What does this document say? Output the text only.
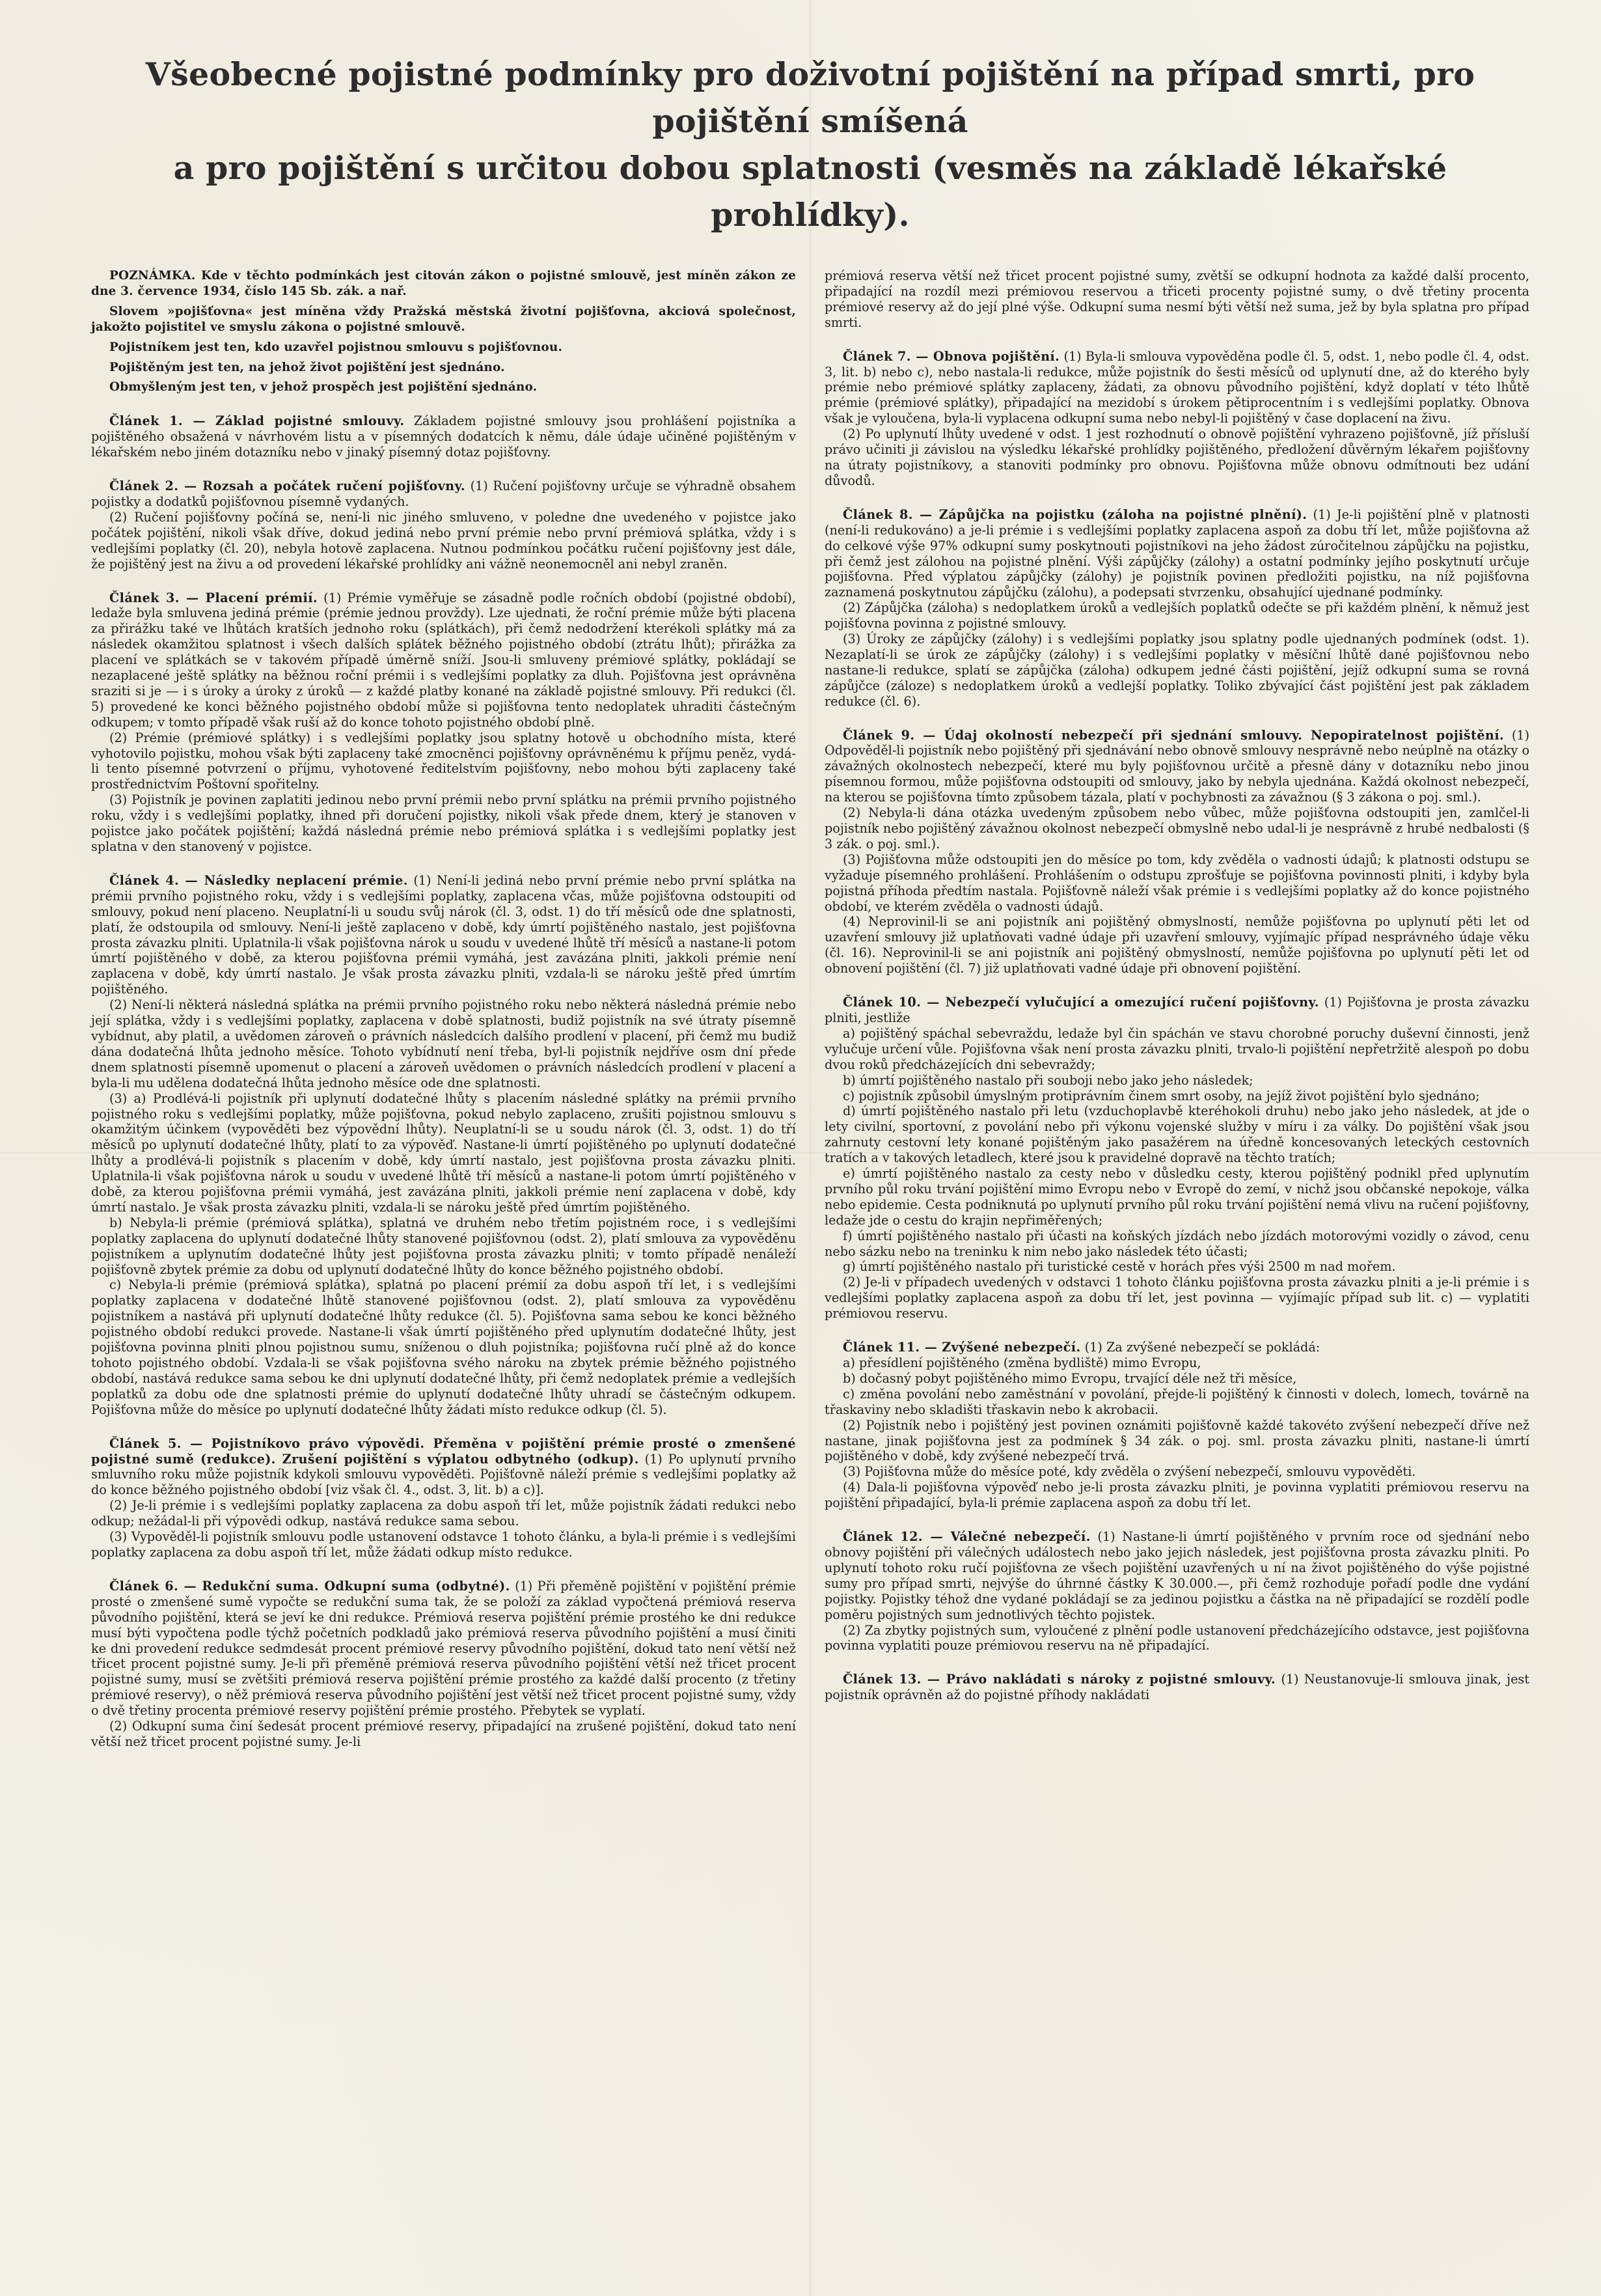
Všeobecné pojistné podmínky pro doživotní pojištění na případ smrti, pro pojištění smíšená
a pro pojištění s určitou dobou splatnosti (vesměs na základě lékařské prohlídky).

POZNÁMKA. Kde v těchto podmínkách jest citován zákon o pojistné smlouvě, jest míněn zákon ze dne 3. července 1934, číslo 145 Sb. zák. a nař.

Slovem »pojišťovna« jest míněna vždy Pražská městská životní pojišťovna, akciová společnost, jakožto pojistitel ve smyslu zákona o pojistné smlouvě.

Pojistníkem jest ten, kdo uzavřel pojistnou smlouvu s pojišťovnou.

Pojištěným jest ten, na jehož život pojištění jest sjednáno.

Obmyšleným jest ten, v jehož prospěch jest pojištění sjednáno.

Článek 1. — Základ pojistné smlouvy. Základem pojistné smlouvy jsou prohlášení pojistníka a pojištěného obsažená v návrhovém listu a v písemných dodatcích k němu, dále údaje učiněné pojištěným v lékařském nebo jiném dotazníku nebo v jinaký písemný dotaz pojišťovny.

Článek 2. — Rozsah a počátek ručení pojišťovny. (1) Ručení pojišťovny určuje se výhradně obsahem pojistky a dodatků pojišťovnou písemně vydaných.

(2) Ručení pojišťovny počíná se, není-li nic jiného smluveno, v poledne dne uvedeného v pojistce jako počátek pojištění, nikoli však dříve, dokud jediná nebo první prémie nebo první prémiová splátka, vždy i s vedlejšími poplatky (čl. 20), nebyla hotově zaplacena. Nutnou podmínkou počátku ručení pojišťovny jest dále, že pojištěný jest na živu a od provedení lékařské prohlídky ani vážně neonemocněl ani nebyl zraněn.

Článek 3. — Placení prémií. (1) Prémie vyměřuje se zásadně podle ročních období (pojistné období), ledaže byla smluvena jediná prémie (prémie jednou provždy). Lze ujednati, že roční prémie může býti placena za přirážku také ve lhůtách kratších jednoho roku (splátkách), při čemž nedodržení kterékoli splátky má za následek okamžitou splatnost i všech dalších splátek běžného pojistného období (ztrátu lhůt); přirážka za placení ve splátkách se v takovém případě úměrně sníží. Jsou-li smluveny prémiové splátky, pokládají se nezaplacené ještě splátky na běžnou roční prémii i s vedlejšími poplatky za dluh. Pojišťovna jest oprávněna sraziti si je — i s úroky a úroky z úroků — z každé platby konané na základě pojistné smlouvy. Při redukci (čl. 5) provedené ke konci běžného pojistného období může si pojišťovna tento nedoplatek uhraditi částečným odkupem; v tomto případě však ruší až do konce tohoto pojistného období plně.

(2) Prémie (prémiové splátky) i s vedlejšími poplatky jsou splatny hotově u obchodního místa, které vyhotovilo pojistku, mohou však býti zaplaceny také zmocněnci pojišťovny oprávněnému k příjmu peněz, vydá-li tento písemné potvrzení o příjmu, vyhotovené ředitelstvím pojišťovny, nebo mohou býti zaplaceny také prostřednictvím Poštovní spořitelny.

(3) Pojistník je povinen zaplatiti jedinou nebo první prémii nebo první splátku na prémii prvního pojistného roku, vždy i s vedlejšími poplatky, ihned při doručení pojistky, nikoli však přede dnem, který je stanoven v pojistce jako počátek pojištění; každá následná prémie nebo prémiová splátka i s vedlejšími poplatky jest splatna v den stanovený v pojistce.

Článek 4. — Následky neplacení prémie. (1) Není-li jediná nebo první prémie nebo první splátka na prémii prvního pojistného roku, vždy i s vedlejšími poplatky, zaplacena včas, může pojišťovna odstoupiti od smlouvy, pokud není placeno. Neuplatní-li u soudu svůj nárok (čl. 3, odst. 1) do tří měsíců ode dne splatnosti, platí, že odstoupila od smlouvy. Není-li ještě zaplaceno v době, kdy úmrtí pojištěného nastalo, jest pojišťovna prosta závazku plniti. Uplatnila-li však pojišťovna nárok u soudu v uvedené lhůtě tří měsíců a nastane-li potom úmrtí pojištěného v době, za kterou pojišťovna prémii vymáhá, jest zavázána plniti, jakkoli prémie není zaplacena v době, kdy úmrtí nastalo. Je však prosta závazku plniti, vzdala-li se nároku ještě před úmrtím pojištěného.

(2) Není-li některá následná splátka na prémii prvního pojistného roku nebo některá následná prémie nebo její splátka, vždy i s vedlejšími poplatky, zaplacena v době splatnosti, budiž pojistník na své útraty písemně vybídnut, aby platil, a uvědomen zároveň o právních následcích dalšího prodlení v placení, při čemž mu budiž dána dodatečná lhůta jednoho měsíce. Tohoto vybídnutí není třeba, byl-li pojistník nejdříve osm dní přede dnem splatnosti písemně upomenut o placení a zároveň uvědomen o právních následcích prodlení v placení a byla-li mu udělena dodatečná lhůta jednoho měsíce ode dne splatnosti.

(3) a) Prodlévá-li pojistník při uplynutí dodatečné lhůty s placením následné splátky na prémii prvního pojistného roku s vedlejšími poplatky, může pojišťovna, pokud nebylo zaplaceno, zrušiti pojistnou smlouvu s okamžitým účinkem (vypověděti bez výpovědní lhůty). Neuplatní-li se u soudu nárok (čl. 3, odst. 1) do tří měsíců po uplynutí dodatečné lhůty, platí to za výpověď. Nastane-li úmrtí pojištěného po uplynutí dodatečné lhůty a prodlévá-li pojistník s placením v době, kdy úmrtí nastalo, jest pojišťovna prosta závazku plniti. Uplatnila-li však pojišťovna nárok u soudu v uvedené lhůtě tří měsíců a nastane-li potom úmrtí pojištěného v době, za kterou pojišťovna prémii vymáhá, jest zavázána plniti, jakkoli prémie není zaplacena v době, kdy úmrtí nastalo. Je však prosta závazku plniti, vzdala-li se nároku ještě před úmrtím pojištěného.

b) Nebyla-li prémie (prémiová splátka), splatná ve druhém nebo třetím pojistném roce, i s vedlejšími poplatky zaplacena do uplynutí dodatečné lhůty stanovené pojišťovnou (odst. 2), platí smlouva za vypověděnu pojistníkem a uplynutím dodatečné lhůty jest pojišťovna prosta závazku plniti; v tomto případě nenáleží pojišťovně zbytek prémie za dobu od uplynutí dodatečné lhůty do konce běžného pojistného období.

c) Nebyla-li prémie (prémiová splátka), splatná po placení prémií za dobu aspoň tří let, i s vedlejšími poplatky zaplacena v dodatečné lhůtě stanovené pojišťovnou (odst. 2), platí smlouva za vypověděnu pojistníkem a nastává při uplynutí dodatečné lhůty redukce (čl. 5). Pojišťovna sama sebou ke konci běžného pojistného období redukci provede. Nastane-li však úmrtí pojištěného před uplynutím dodatečné lhůty, jest pojišťovna povinna plniti plnou pojistnou sumu, sníženou o dluh pojistníka; pojišťovna ručí plně až do konce tohoto pojistného období. Vzdala-li se však pojišťovna svého nároku na zbytek prémie běžného pojistného období, nastává redukce sama sebou ke dni uplynutí dodatečné lhůty, při čemž nedoplatek prémie a vedlejších poplatků za dobu ode dne splatnosti prémie do uplynutí dodatečné lhůty uhradí se částečným odkupem. Pojišťovna může do měsíce po uplynutí dodatečné lhůty žádati místo redukce odkup (čl. 5).

Článek 5. — Pojistníkovo právo výpovědi. Přeměna v pojištění prémie prosté o zmenšené pojistné sumě (redukce). Zrušení pojištění s výplatou odbytného (odkup). (1) Po uplynutí prvního smluvního roku může pojistník kdykoli smlouvu vypověděti. Pojišťovně náleží prémie s vedlejšími poplatky až do konce běžného pojistného období [viz však čl. 4., odst. 3, lit. b) a c)].

(2) Je-li prémie i s vedlejšími poplatky zaplacena za dobu aspoň tří let, může pojistník žádati redukci nebo odkup; nežádal-li při výpovědi odkup, nastává redukce sama sebou.

(3) Vypověděl-li pojistník smlouvu podle ustanovení odstavce 1 tohoto článku, a byla-li prémie i s vedlejšími poplatky zaplacena za dobu aspoň tří let, může žádati odkup místo redukce.

Článek 6. — Redukční suma. Odkupní suma (odbytné). (1) Při přeměně pojištění v pojištění prémie prosté o zmenšené sumě vypočte se redukční suma tak, že se položí za základ vypočtená prémiová reserva původního pojištění, která se jeví ke dni redukce. Prémiová reserva pojištění prémie prostého ke dni redukce musí býti vypočtena podle týchž početních podkladů jako prémiová reserva původního pojištění a musí činiti ke dni provedení redukce sedmdesát procent prémiové reservy původního pojištění, dokud tato není větší než třicet procent pojistné sumy. Je-li při přeměně prémiová reserva původního pojištění větší než třicet procent pojistné sumy, musí se zvětšiti prémiová reserva pojištění prémie prostého za každé další procento (z třetiny prémiové reservy), o něž prémiová reserva původního pojištění jest větší než třicet procent pojistné sumy, vždy o dvě třetiny procenta prémiové reservy pojištění prémie prostého. Přebytek se vyplatí.

(2) Odkupní suma činí šedesát procent prémiové reservy, připadající na zrušené pojištění, dokud tato není větší než třicet procent pojistné sumy. Je-li

prémiová reserva větší než třicet procent pojistné sumy, zvětší se odkupní hodnota za každé další procento, připadající na rozdíl mezi prémiovou reservou a třiceti procenty pojistné sumy, o dvě třetiny procenta prémiové reservy až do její plné výše. Odkupní suma nesmí býti větší než suma, jež by byla splatna pro případ smrti.

Článek 7. — Obnova pojištění. (1) Byla-li smlouva vypověděna podle čl. 5, odst. 1, nebo podle čl. 4, odst. 3, lit. b) nebo c), nebo nastala-li redukce, může pojistník do šesti měsíců od uplynutí dne, až do kterého byly prémie nebo prémiové splátky zaplaceny, žádati, za obnovu původního pojištění, když doplatí v této lhůtě prémie (prémiové splátky), připadající na mezidobí s úrokem pětiprocentním i s vedlejšími poplatky. Obnova však je vyloučena, byla-li vyplacena odkupní suma nebo nebyl-li pojištěný v čase doplacení na živu.

(2) Po uplynutí lhůty uvedené v odst. 1 jest rozhodnutí o obnově pojištění vyhrazeno pojišťovně, jíž přísluší právo učiniti ji závislou na výsledku lékařské prohlídky pojištěného, předložení důvěrným lékařem pojišťovny na útraty pojistníkovy, a stanoviti podmínky pro obnovu. Pojišťovna může obnovu odmítnouti bez udání důvodů.

Článek 8. — Zápůjčka na pojistku (záloha na pojistné plnění). (1) Je-li pojištění plně v platnosti (není-li redukováno) a je-li prémie i s vedlejšími poplatky zaplacena aspoň za dobu tří let, může pojišťovna až do celkové výše 97% odkupní sumy poskytnouti pojistníkovi na jeho žádost zúročitelnou zápůjčku na pojistku, při čemž jest zálohou na pojistné plnění. Výši zápůjčky (zálohy) a ostatní podmínky jejího poskytnutí určuje pojišťovna. Před výplatou zápůjčky (zálohy) je pojistník povinen předložiti pojistku, na níž pojišťovna zaznamená poskytnutou zápůjčku (zálohu), a podepsati stvrzenku, obsahující ujednané podmínky.

(2) Zápůjčka (záloha) s nedoplatkem úroků a vedlejších poplatků odečte se při každém plnění, k němuž jest pojišťovna povinna z pojistné smlouvy.

(3) Úroky ze zápůjčky (zálohy) i s vedlejšími poplatky jsou splatny podle ujednaných podmínek (odst. 1). Nezaplatí-li se úrok ze zápůjčky (zálohy) i s vedlejšími poplatky v měsíční lhůtě dané pojišťovnou nebo nastane-li redukce, splatí se zápůjčka (záloha) odkupem jedné části pojištění, jejíž odkupní suma se rovná zápůjčce (záloze) s nedoplatkem úroků a vedlejší poplatky. Toliko zbývající část pojištění jest pak základem redukce (čl. 6).

Článek 9. — Údaj okolností nebezpečí při sjednání smlouvy. Nepopiratelnost pojištění. (1) Odpověděl-li pojistník nebo pojištěný při sjednávání nebo obnově smlouvy nesprávně nebo neúplně na otázky o závažných okolnostech nebezpečí, které mu byly pojišťovnou určitě a přesně dány v dotazníku nebo jinou písemnou formou, může pojišťovna odstoupiti od smlouvy, jako by nebyla ujednána. Každá okolnost nebezpečí, na kterou se pojišťovna tímto způsobem tázala, platí v pochybnosti za závažnou (§ 3 zákona o poj. sml.).

(2) Nebyla-li dána otázka uvedeným způsobem nebo vůbec, může pojišťovna odstoupiti jen, zamlčel-li pojistník nebo pojištěný závažnou okolnost nebezpečí obmyslně nebo udal-li je nesprávně z hrubé nedbalosti (§ 3 zák. o poj. sml.).

(3) Pojišťovna může odstoupiti jen do měsíce po tom, kdy zvěděla o vadnosti údajů; k platnosti odstupu se vyžaduje písemného prohlášení. Prohlášením o odstupu zprošťuje se pojišťovna povinnosti plniti, i kdyby byla pojistná příhoda předtím nastala. Pojišťovně náleží však prémie i s vedlejšími poplatky až do konce pojistného období, ve kterém zvěděla o vadnosti údajů.

(4) Neprovinil-li se ani pojistník ani pojištěný obmyslností, nemůže pojišťovna po uplynutí pěti let od uzavření smlouvy již uplatňovati vadné údaje při uzavření smlouvy, vyjímajíc případ nesprávného údaje věku (čl. 16). Neprovinil-li se ani pojistník ani pojištěný obmyslností, nemůže pojišťovna po uplynutí pěti let od obnovení pojištění (čl. 7) již uplatňovati vadné údaje při obnovení pojištění.

Článek 10. — Nebezpečí vylučující a omezující ručení pojišťovny. (1) Pojišťovna je prosta závazku plniti, jestliže

a) pojištěný spáchal sebevraždu, ledaže byl čin spáchán ve stavu chorobné poruchy duševní činnosti, jenž vylučuje určení vůle. Pojišťovna však není prosta závazku plniti, trvalo-li pojištění nepřetržitě alespoň po dobu dvou roků předcházejících dni sebevraždy;

b) úmrtí pojištěného nastalo při souboji nebo jako jeho následek;

c) pojistník způsobil úmyslným protiprávním činem smrt osoby, na jejíž život pojištění bylo sjednáno;

d) úmrtí pojištěného nastalo při letu (vzduchoplavbě kteréhokoli druhu) nebo jako jeho následek, at jde o lety civilní, sportovní, z povolání nebo při výkonu vojenské služby v míru i za války. Do pojištění však jsou zahrnuty cestovní lety konané pojištěným jako pasažérem na úředně koncesovaných leteckých cestovních tratích a v takových letadlech, které jsou k pravidelné dopravě na těchto tratích;

e) úmrtí pojištěného nastalo za cesty nebo v důsledku cesty, kterou pojištěný podnikl před uplynutím prvního půl roku trvání pojištění mimo Evropu nebo v Evropě do zemí, v nichž jsou občanské nepokoje, válka nebo epidemie. Cesta podniknutá po uplynutí prvního půl roku trvání pojištění nemá vlivu na ručení pojišťovny, ledaže jde o cestu do krajin nepřiměřených;

f) úmrtí pojištěného nastalo při účasti na koňských jízdách nebo jízdách motorovými vozidly o závod, cenu nebo sázku nebo na treninku k nim nebo jako následek této účasti;

g) úmrtí pojištěného nastalo při turistické cestě v horách přes výši 2500 m nad mořem.

(2) Je-li v případech uvedených v odstavci 1 tohoto článku pojišťovna prosta závazku plniti a je-li prémie i s vedlejšími poplatky zaplacena aspoň za dobu tří let, jest povinna — vyjímajíc případ sub lit. c) — vyplatiti prémiovou reservu.

Článek 11. — Zvýšené nebezpečí. (1) Za zvýšené nebezpečí se pokládá:

a) přesídlení pojištěného (změna bydliště) mimo Evropu,

b) dočasný pobyt pojištěného mimo Evropu, trvající déle než tři měsíce,

c) změna povolání nebo zaměstnání v povolání, přejde-li pojištěný k činnosti v dolech, lomech, továrně na třaskaviny nebo skladišti třaskavin nebo k akrobacii.

(2) Pojistník nebo i pojištěný jest povinen oznámiti pojišťovně každé takovéto zvýšení nebezpečí dříve než nastane, jinak pojišťovna jest za podmínek § 34 zák. o poj. sml. prosta závazku plniti, nastane-li úmrtí pojištěného v době, kdy zvýšené nebezpečí trvá.

(3) Pojišťovna může do měsíce poté, kdy zvěděla o zvýšení nebezpečí, smlouvu vypověděti.

(4) Dala-li pojišťovna výpověď nebo je-li prosta závazku plniti, je povinna vyplatiti prémiovou reservu na pojištění připadající, byla-li prémie zaplacena aspoň za dobu tří let.

Článek 12. — Válečné nebezpečí. (1) Nastane-li úmrtí pojištěného v prvním roce od sjednání nebo obnovy pojištění při válečných událostech nebo jako jejich následek, jest pojišťovna prosta závazku plniti. Po uplynutí tohoto roku ručí pojišťovna ze všech pojištění uzavřených u ní na život pojištěného do výše pojistné sumy pro případ smrti, nejvýše do úhrnné částky K 30.000.—, při čemž rozhoduje pořadí podle dne vydání pojistky. Pojistky téhož dne vydané pokládají se za jedinou pojistku a částka na ně připadající se rozdělí podle poměru pojistných sum jednotlivých těchto pojistek.

(2) Za zbytky pojistných sum, vyloučené z plnění podle ustanovení předcházejícího odstavce, jest pojišťovna povinna vyplatiti pouze prémiovou reservu na ně připadající.

Článek 13. — Právo nakládati s nároky z pojistné smlouvy. (1) Neustanovuje-li smlouva jinak, jest pojistník oprávněn až do pojistné příhody nakládati
